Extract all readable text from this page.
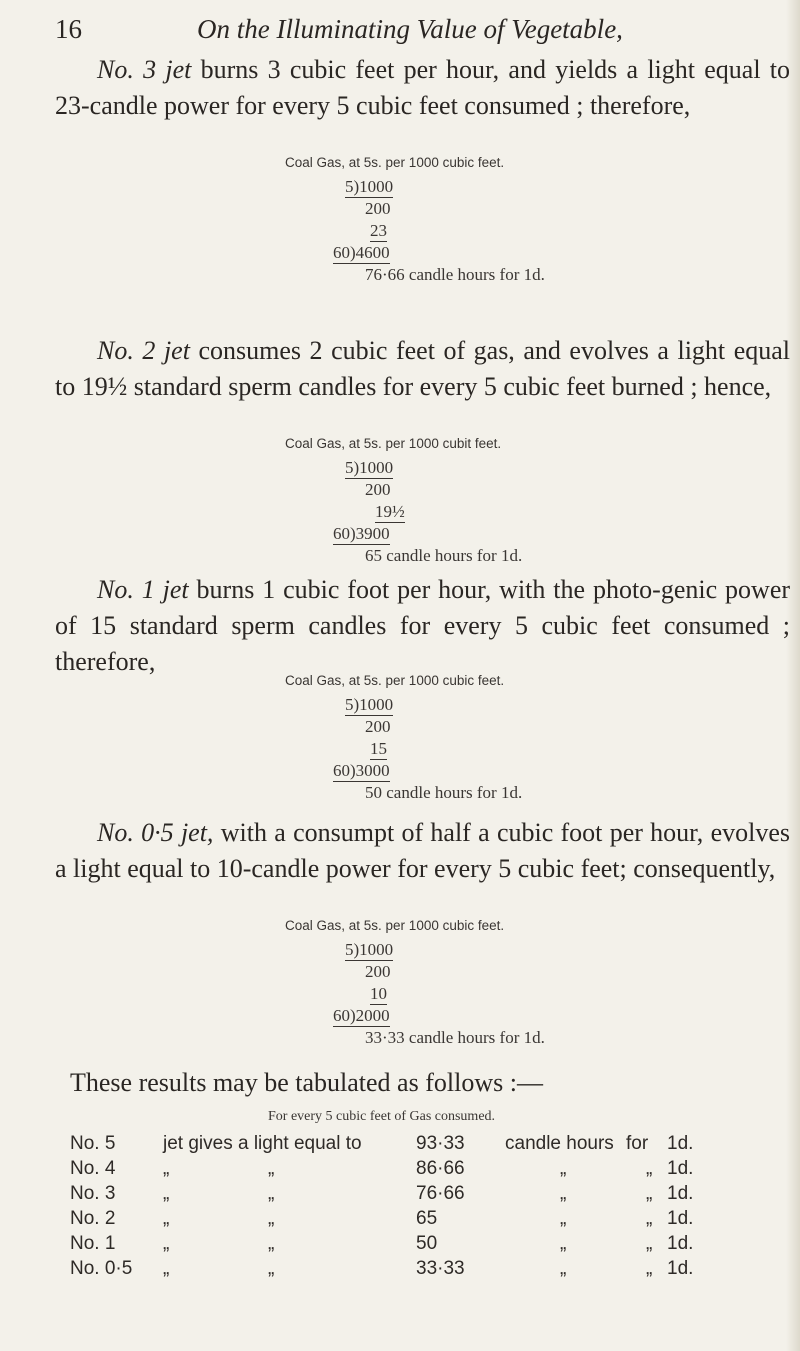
16	On the Illuminating Value of Vegetable,

No. 3 jet burns 3 cubic feet per hour, and yields a light equal to 23-candle power for every 5 cubic feet consumed ; therefore,

Coal Gas, at 5s. per 1000 cubic feet.
5)1000
200
23
60)4600
76·66 candle hours for 1d.

No. 2 jet consumes 2 cubic feet of gas, and evolves a light equal to 19½ standard sperm candles for every 5 cubic feet burned ; hence,

Coal Gas, at 5s. per 1000 cubit feet.
5)1000
200
19½
60)3900
65 candle hours for 1d.

No. 1 jet burns 1 cubic foot per hour, with the photo-genic power of 15 standard sperm candles for every 5 cubic feet consumed ; therefore,

Coal Gas, at 5s. per 1000 cubic feet.
5)1000
200
15
60)3000
50 candle hours for 1d.

No. 0·5 jet, with a consumpt of half a cubic foot per hour, evolves a light equal to 10-candle power for every 5 cubic feet; consequently,

Coal Gas, at 5s. per 1000 cubic feet.
5)1000
200
10
60)2000
33·33 candle hours for 1d.
These results may be tabulated as follows :—
For every 5 cubic feet of Gas consumed.
No. 5	jet gives a light equal to	93·33 candle hours for 1d.
No. 4	„	„	86·66	„	„ 1d.
No. 3	„	„	76·66	„	„ 1d.
No. 2	„	„	65	„	„ 1d.
No. 1	„	„	50	„	„ 1d.
No. 0·5 „	„	33·33	„	„ 1d.
